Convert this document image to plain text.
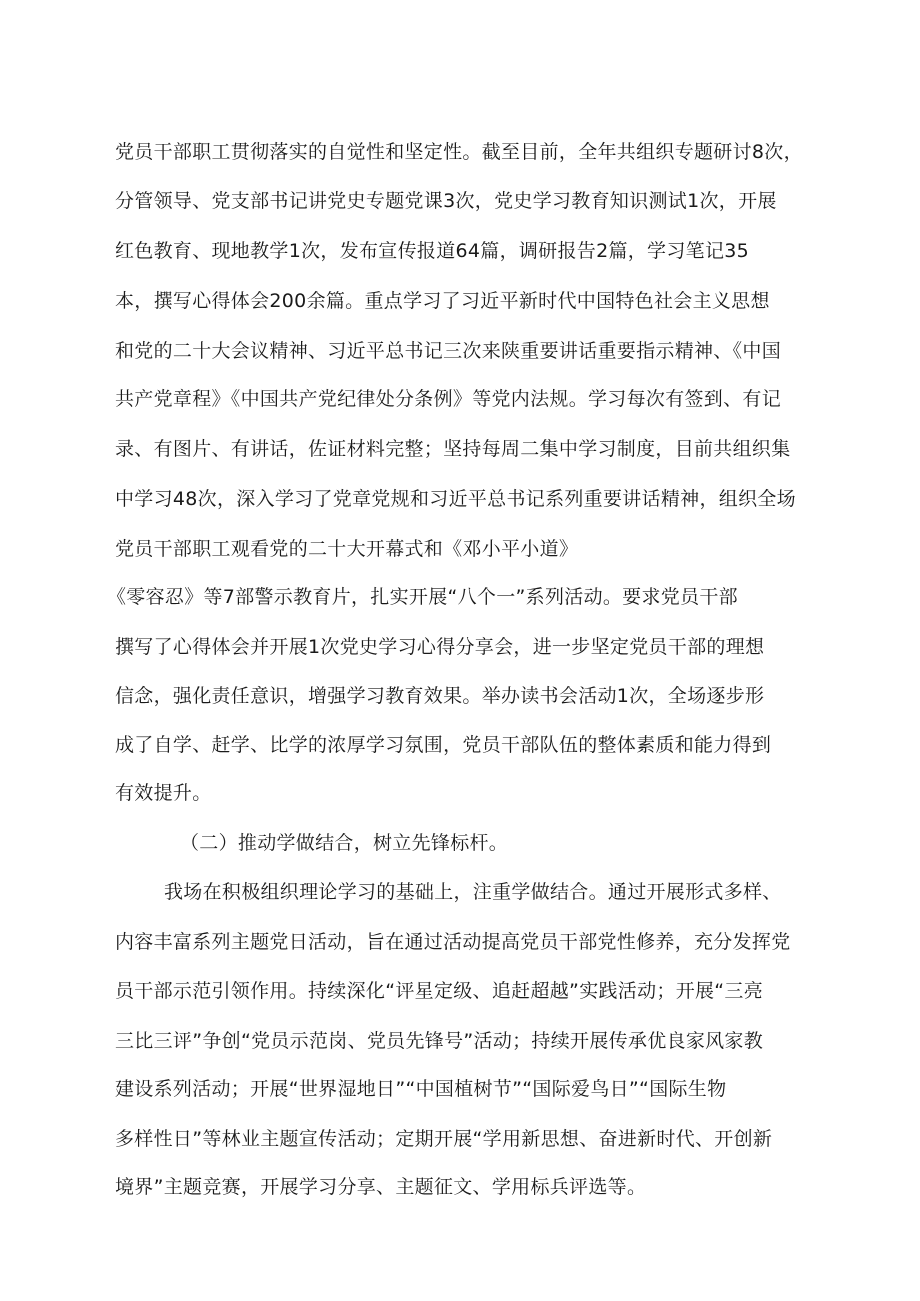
党员干部职工贯彻落实的自觉性和坚定性。截至目前，全年共组织专题研讨8次，
分管领导、党支部书记讲党史专题党课3次，党史学习教育知识测试1次，开展
红色教育、现地教学1次，发布宣传报道64篇，调研报告2篇，学习笔记35
本，撰写心得体会200余篇。重点学习了习近平新时代中国特色社会主义思想
和党的二十大会议精神、习近平总书记三次来陕重要讲话重要指示精神、《中国
共产党章程》《中国共产党纪律处分条例》等党内法规。学习每次有签到、有记
录、有图片、有讲话，佐证材料完整；坚持每周二集中学习制度，目前共组织集
中学习48次，深入学习了党章党规和习近平总书记系列重要讲话精神，组织全场
党员干部职工观看党的二十大开幕式和《邓小平小道》
《零容忍》等7部警示教育片，扎实开展“八个一”系列活动。要求党员干部
撰写了心得体会并开展1次党史学习心得分享会，进一步坚定党员干部的理想
信念，强化责任意识，增强学习教育效果。举办读书会活动1次，全场逐步形
成了自学、赶学、比学的浓厚学习氛围，党员干部队伍的整体素质和能力得到
有效提升。
（二）推动学做结合，树立先锋标杆。
我场在积极组织理论学习的基础上，注重学做结合。通过开展形式多样、
内容丰富系列主题党日活动，旨在通过活动提高党员干部党性修养，充分发挥党
员干部示范引领作用。持续深化“评星定级、追赶超越”实践活动；开展“三亮
三比三评”争创“党员示范岗、党员先锋号”活动；持续开展传承优良家风家教
建设系列活动；开展“世界湿地日”“中国植树节”“国际爱鸟日”“国际生物
多样性日”等林业主题宣传活动；定期开展“学用新思想、奋进新时代、开创新
境界”主题竞赛，开展学习分享、主题征文、学用标兵评选等。
